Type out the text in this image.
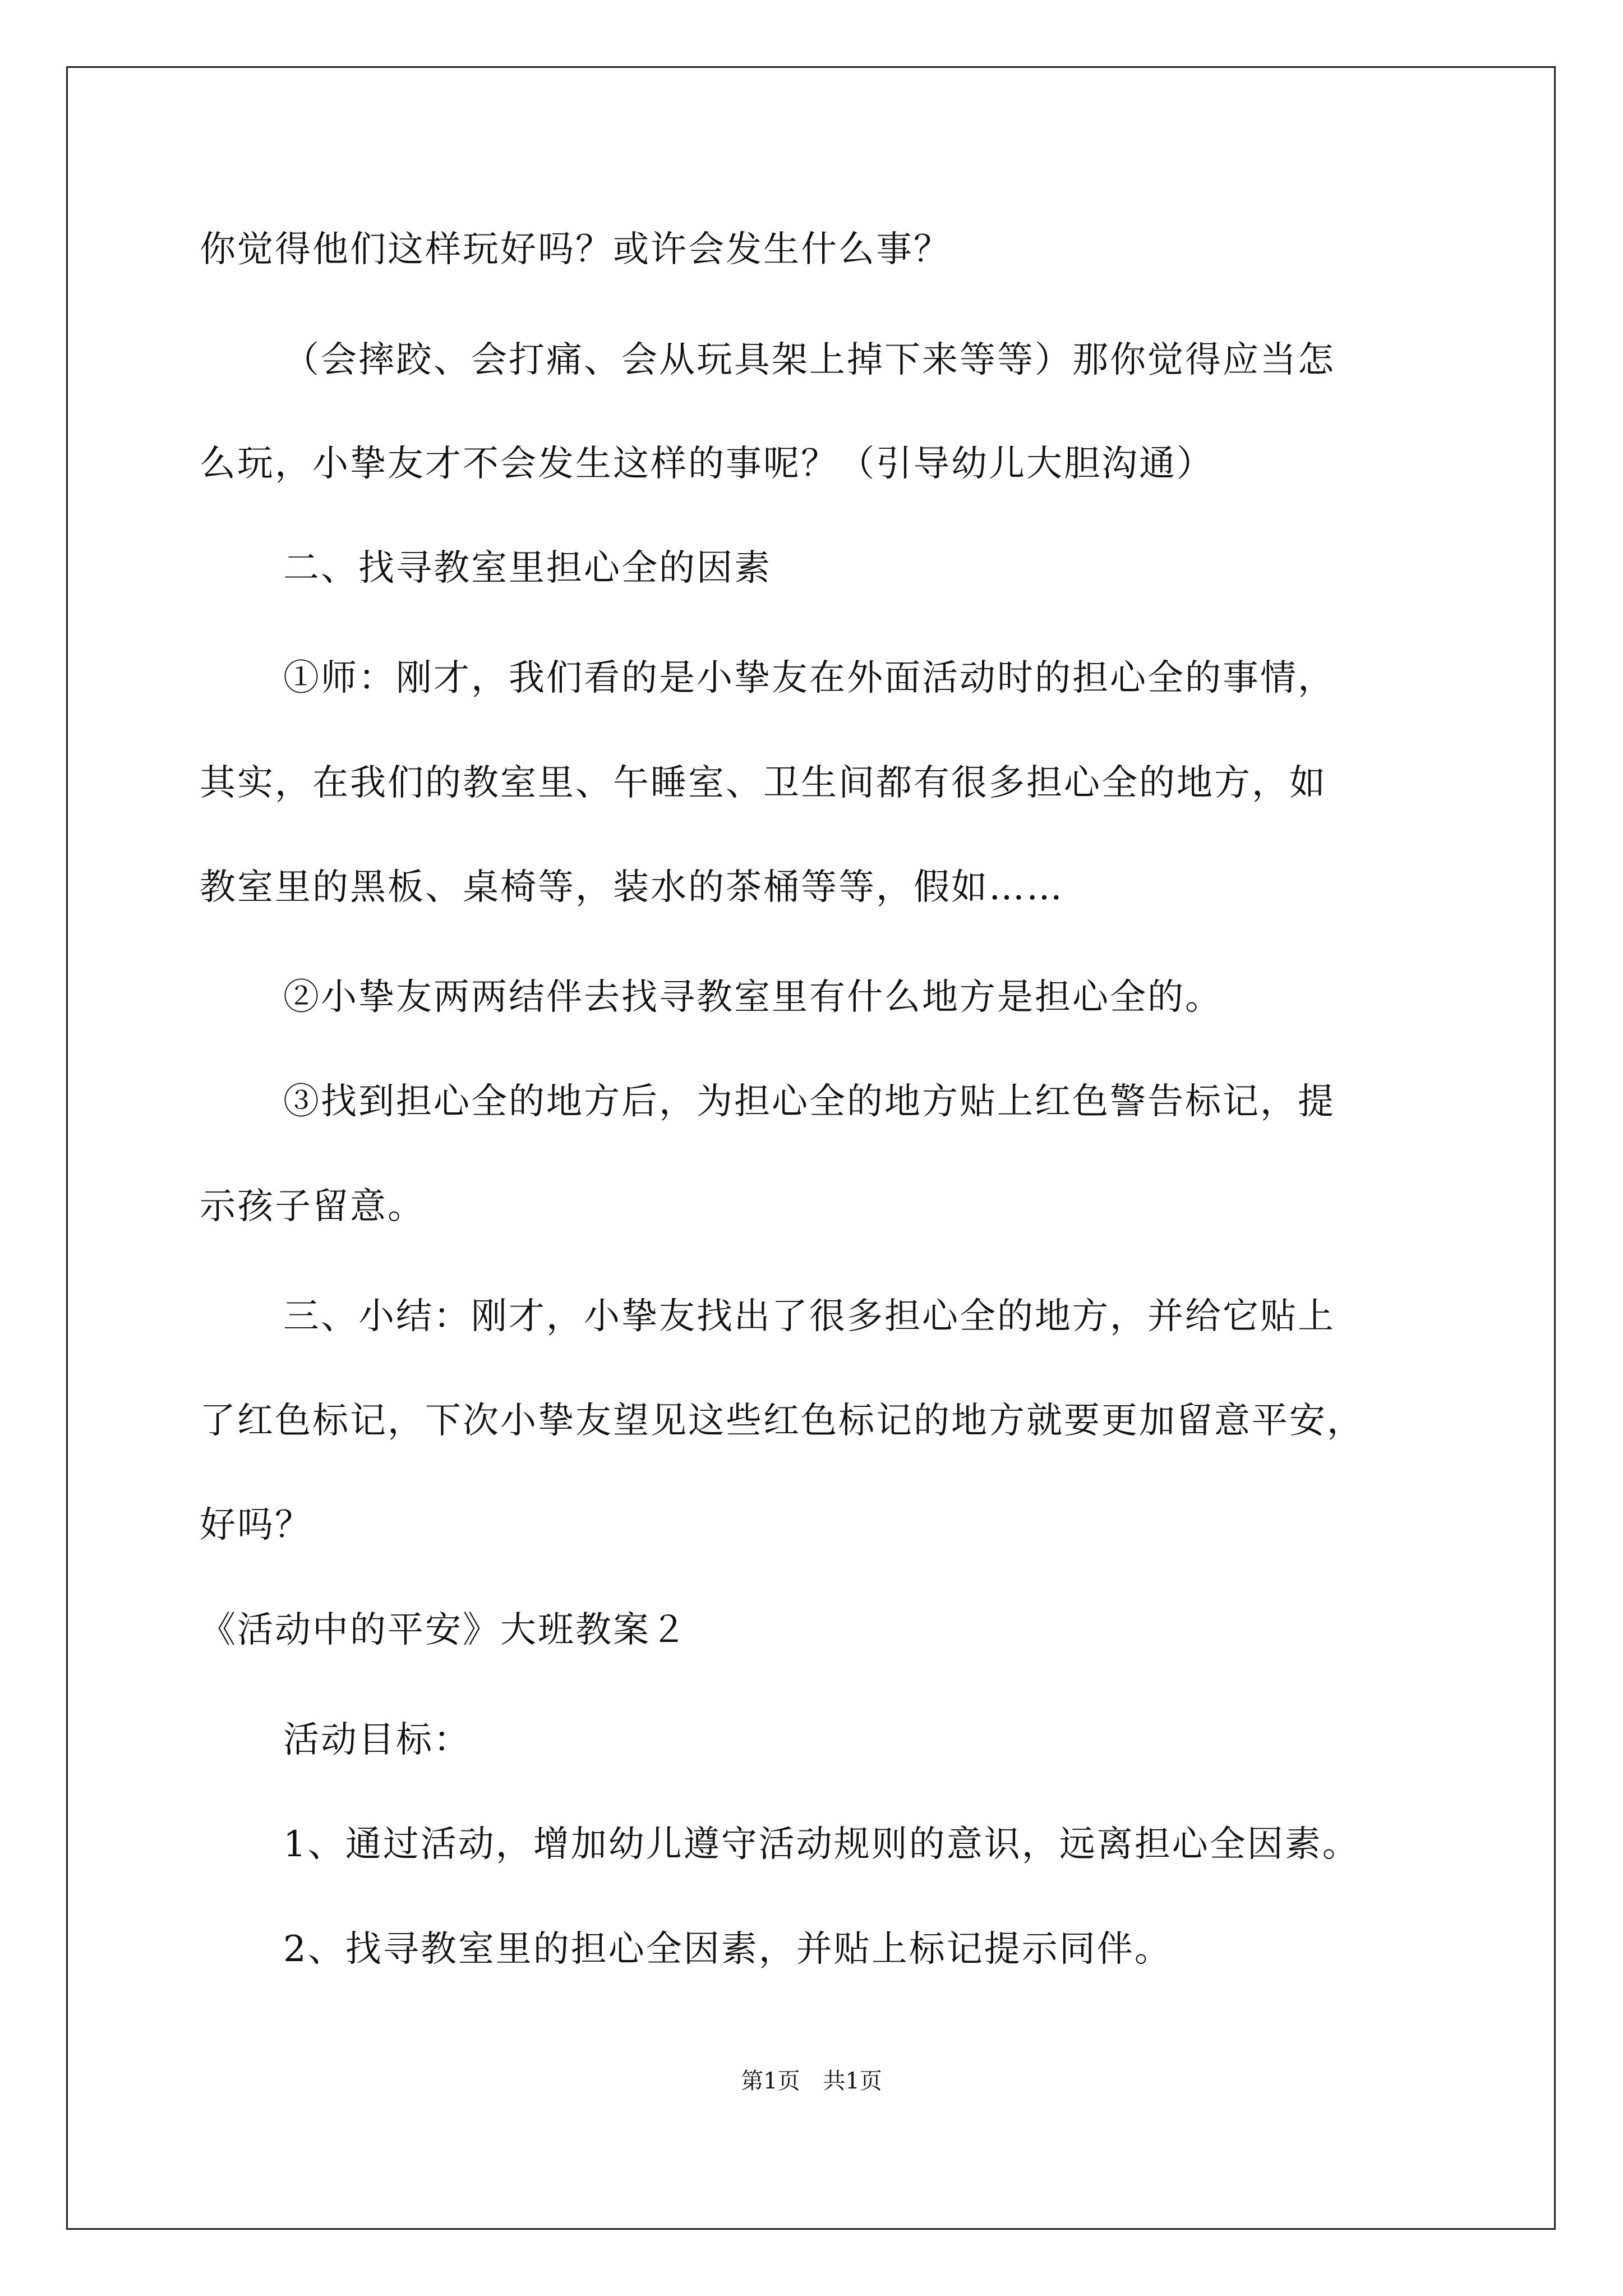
你觉得他们这样玩好吗？或许会发生什么事？
（会摔跤、会打痛、会从玩具架上掉下来等等）那你觉得应当怎
么玩，小挚友才不会发生这样的事呢？（引导幼儿大胆沟通）
二、找寻教室里担心全的因素
①师：刚才，我们看的是小挚友在外面活动时的担心全的事情，
其实，在我们的教室里、午睡室、卫生间都有很多担心全的地方，如
教室里的黑板、桌椅等，装水的茶桶等等，假如……
②小挚友两两结伴去找寻教室里有什么地方是担心全的。
③找到担心全的地方后，为担心全的地方贴上红色警告标记，提
示孩子留意。
三、小结：刚才，小挚友找出了很多担心全的地方，并给它贴上
了红色标记，下次小挚友望见这些红色标记的地方就要更加留意平安，
好吗？
《活动中的平安》大班教案２
活动目标：
1、通过活动，增加幼儿遵守活动规则的意识，远离担心全因素。
2、找寻教室里的担心全因素，并贴上标记提示同伴。
第1页 共1页
